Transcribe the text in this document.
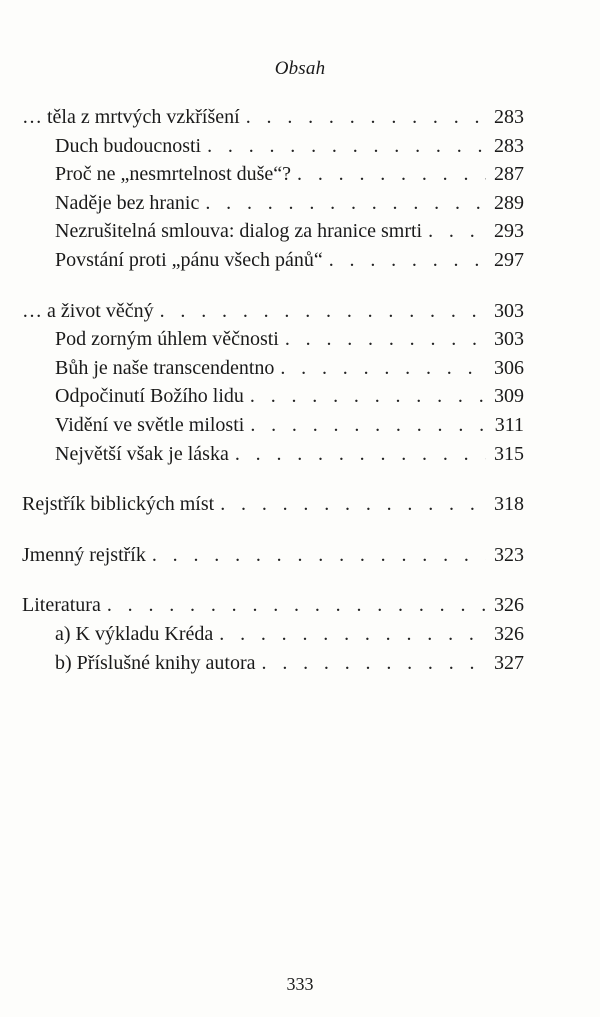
Obsah
… těla z mrtvých vzkříšení . . .	283
Duch budoucnosti . . .	283
Proč ne „nesmrtelnost duše“? . . .	287
Naděje bez hranic . . .	289
Nezrušitelná smlouva: dialog za hranice smrti . . .	293
Povstání proti „pánu všech pánů“ . . .	297
… a život věčný . . .	303
Pod zorným úhlem věčnosti . . .	303
Bůh je naše transcendentno . . .	306
Odpočinutí Božího lidu . . .	309
Vidění ve světle milosti . . .	311
Největší však je láska . . .	315
Rejstřík biblických míst . . .	318
Jmenný rejstřík . . .	323
Literatura . . .	326
a) K výkladu Kréda . . .	326
b) Příslušné knihy autora . . .	327
333
